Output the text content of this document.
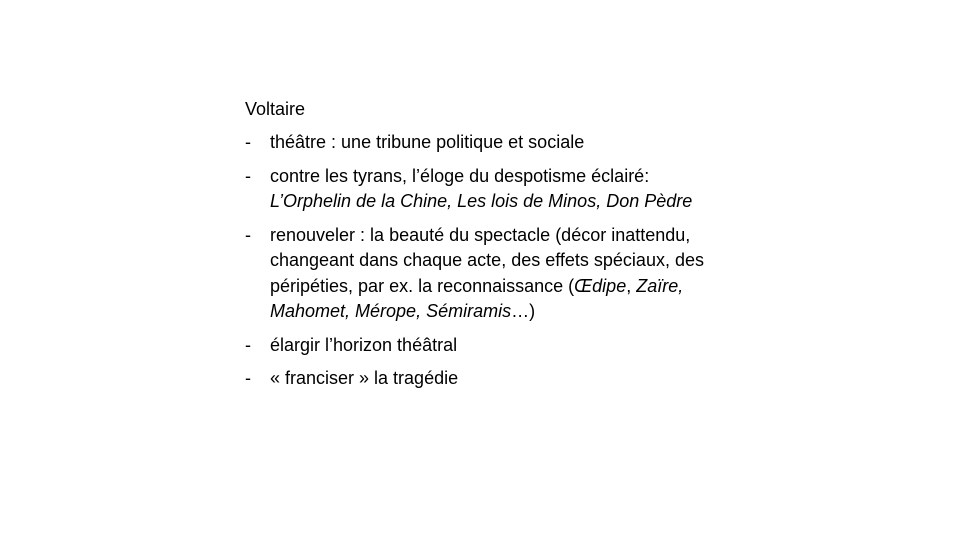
Voltaire
- théâtre : une tribune politique et sociale
- contre les tyrans, l’éloge du despotisme éclairé: L’Orphelin de la Chine, Les lois de Minos, Don Pèdre
- renouveler : la beauté du spectacle (décor inattendu, changeant dans chaque acte, des effets spéciaux, des péripéties, par ex. la reconnaissance (Œdipe, Zaïre, Mahomet, Mérope, Sémiramis…)
- élargir l’horizon théâtral
- « franciser » la tragédie
